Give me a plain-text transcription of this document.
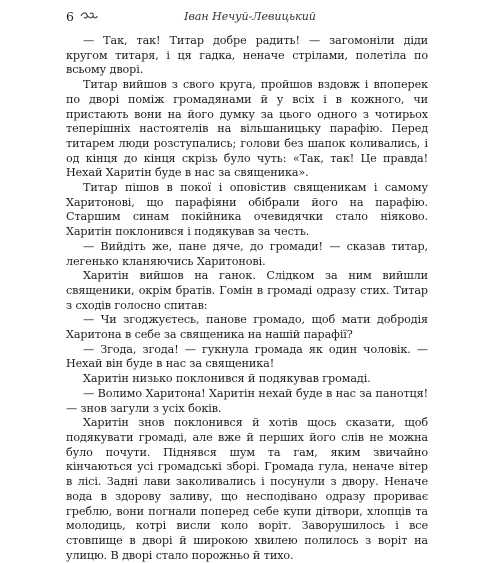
6	Іван Нечуй-Левицький

— Так, так! Титар добре радить! — загомоніли діди кругом титаря, і ця гадка, неначе стрілами, полетіла по всьому дворі.

Титар вийшов з свого круга, пройшов вздовж і впоперек по дворі поміж громадянами й у всіх і в кожного, чи пристають вони на його думку за цього одного з чотирьох теперішніх настоятелів на вільшаницьку парафію. Перед титарем люди розступались; голови без шапок коливались, і од кінця до кінця скрізь було чуть: «Так, так! Це правда! Нехай Харитін буде в нас за священика».

Титар пішов в покої і оповістив священикам і самому Харитонові, що парафіяни обібрали його на парафію. Старшим синам покійника очевидячки стало ніяково. Харитін поклонився і подякував за честь.

— Вийдіть же, пане дяче, до громади! — сказав титар, легенько кланяючись Харитонові.

Харитін вийшов на ганок. Слідком за ним вийшли священики, окрім братів. Гомін в громаді одразу стих. Титар з сходів голосно спитав:

— Чи згоджуєтесь, панове громадо, щоб мати добродія Харитона в себе за священика на нашій парафії?

— Згода, згода! — гукнула громада як один чоловік. — Нехай він буде в нас за священика!

Харитін низько поклонився й подякував громаді.

— Волимо Харитона! Харитін нехай буде в нас за панотця! — знов загули з усіх боків.

Харитін знов поклонився й хотів щось сказати, щоб подякувати громаді, але вже й перших його слів не можна було почути. Піднявся шум та гам, яким звичайно кінчаються усі громадські зборі. Громада гула, неначе вітер в лісі. Задні лави заколивались і посунули з двору. Неначе вода в здорову заливу, що несподівано одразу прориває греблю, вони погнали поперед себе купи дітвори, хлопців та молодиць, котрі висли коло воріт. Заворушилось і все стовпище в дворі й широкою хвилею полилось з воріт на улицю. В дворі стало порожньо й тихо.
